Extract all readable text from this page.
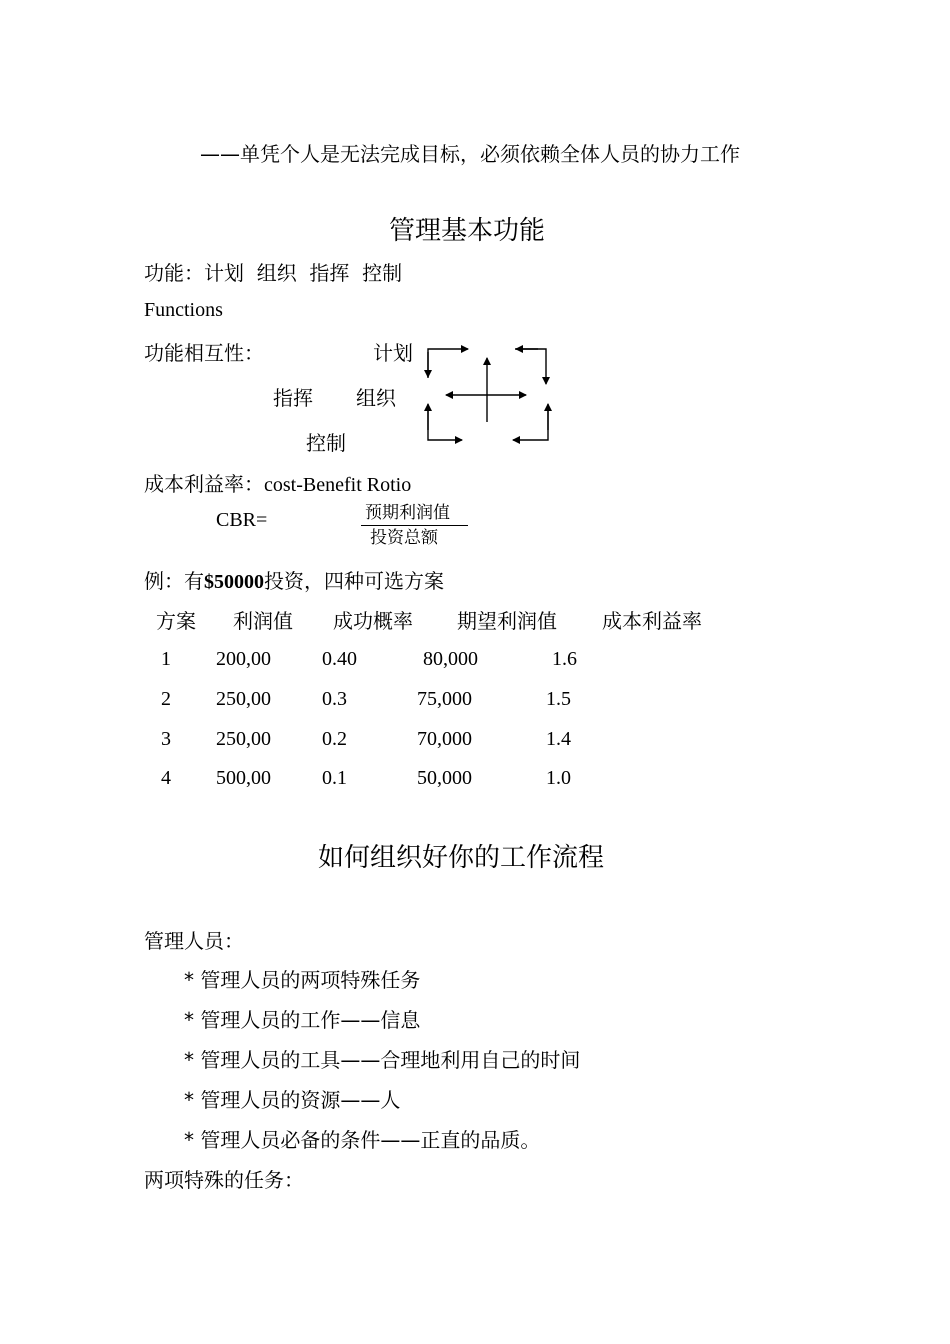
——单凭个人是无法完成目标，必须依赖全体人员的协力工作
管理基本功能
功能：计划  组织  指挥  控制
Functions
功能相互性：	计划
指挥 组织
控制
成本利益率：cost-Benefit Rotio
CBR=	预期利润值
投资总额
例：有$50000投资，四种可选方案
方案 利润值 成功概率 期望利润值 成本利益率
1 200,00	0.40	80,000	1.6
2 250,00	0.3	75,000	1.5
3 250,00	0.2	70,000	1.4
4 500,00	0.1	50,000	1.0
如何组织好你的工作流程
管理人员：
* 管理人员的两项特殊任务
* 管理人员的工作——信息
* 管理人员的工具——合理地利用自己的时间
* 管理人员的资源——人
* 管理人员必备的条件——正直的品质。
两项特殊的任务：
